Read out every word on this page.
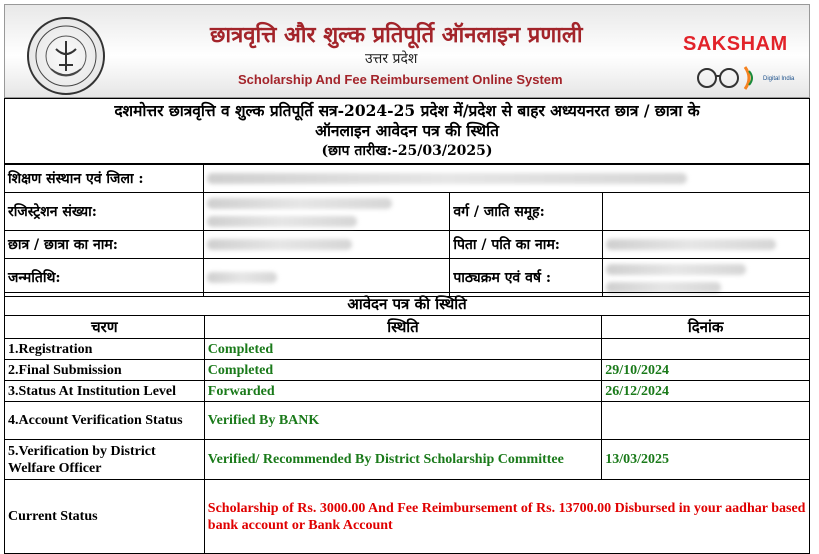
छात्रवृत्ति और शुल्क प्रतिपूर्ति ऑनलाइन प्रणाली
उत्तर प्रदेश
Scholarship And Fee Reimbursement Online System
SAKSHAM
Digital India
दशमोत्तर छात्रवृत्ति व शुल्क प्रतिपूर्ति सत्र-2024-25 प्रदेश में/प्रदेश से बाहर अध्ययनरत छात्र / छात्रा के
ऑनलाइन आवेदन पत्र की स्थिति
(छाप तारीख:-25/03/2025)
शिक्षण संस्थान एवं जिला :			
रजिस्ट्रेशन संख्या:		वर्ग / जाति समूह:	
छात्र / छात्रा का नाम:		पिता / पति का नाम:	
जन्मतिथि:		पाठ्यक्रम एवं वर्ष :	

आवेदन पत्र की स्थिति		
चरण	स्थिति	दिनांक
1.Registration	Completed	
2.Final Submission	Completed	29/10/2024
3.Status At Institution Level	Forwarded	26/12/2024
4.Account Verification Status	Verified By BANK	
5.Verification by District Welfare Officer	Verified/ Recommended By District Scholarship Committee	13/03/2025
Current Status	Scholarship of Rs. 3000.00 And Fee Reimbursement of Rs. 13700.00 Disbursed in your aadhar based bank account or Bank Account	
